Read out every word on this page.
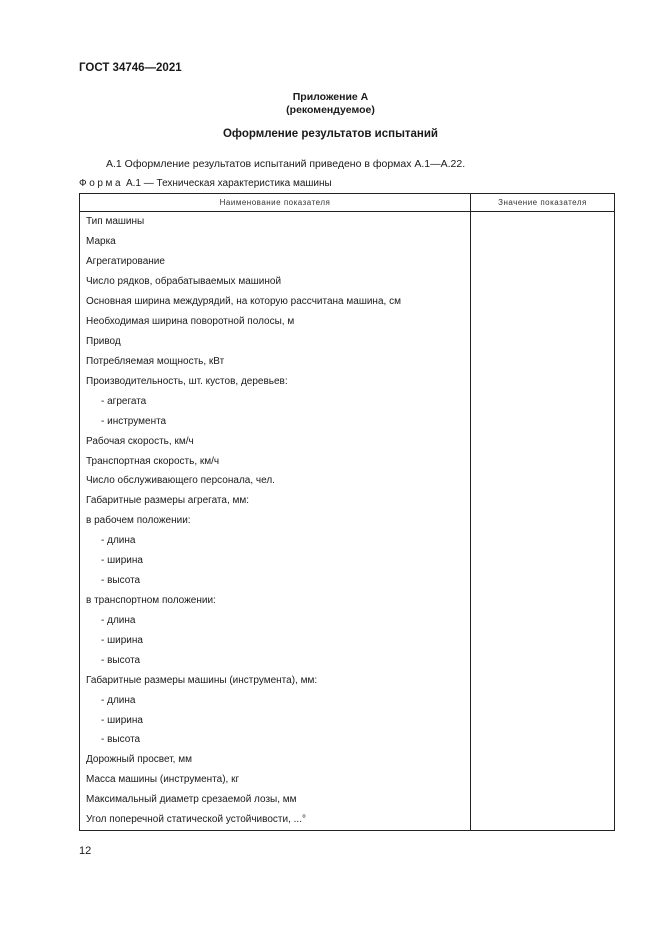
ГОСТ 34746—2021
Приложение А
(рекомендуемое)
Оформление результатов испытаний
А.1 Оформление результатов испытаний приведено в формах А.1—А.22.
Форма А.1 — Техническая характеристика машины
Наименование показателя	Значение показателя
Тип машины	
Марка	
Агрегатирование	
Число рядков, обрабатываемых машиной	
Основная ширина междурядий, на которую рассчитана машина, см	
Необходимая ширина поворотной полосы, м	
Привод	
Потребляемая мощность, кВт	
Производительность, шт. кустов, деревьев:	
- агрегата	
- инструмента	
Рабочая скорость, км/ч	
Транспортная скорость, км/ч	
Число обслуживающего персонала, чел.	
Габаритные размеры агрегата, мм:	
в рабочем положении:	
- длина	
- ширина	
- высота	
в транспортном положении:	
- длина	
- ширина	
- высота	
Габаритные размеры машины (инструмента), мм:	
- длина	
- ширина	
- высота	
Дорожный просвет, мм	
Масса машины (инструмента), кг	
Максимальный диаметр срезаемой лозы, мм	
Угол поперечной статической устойчивости, ...°	
12
